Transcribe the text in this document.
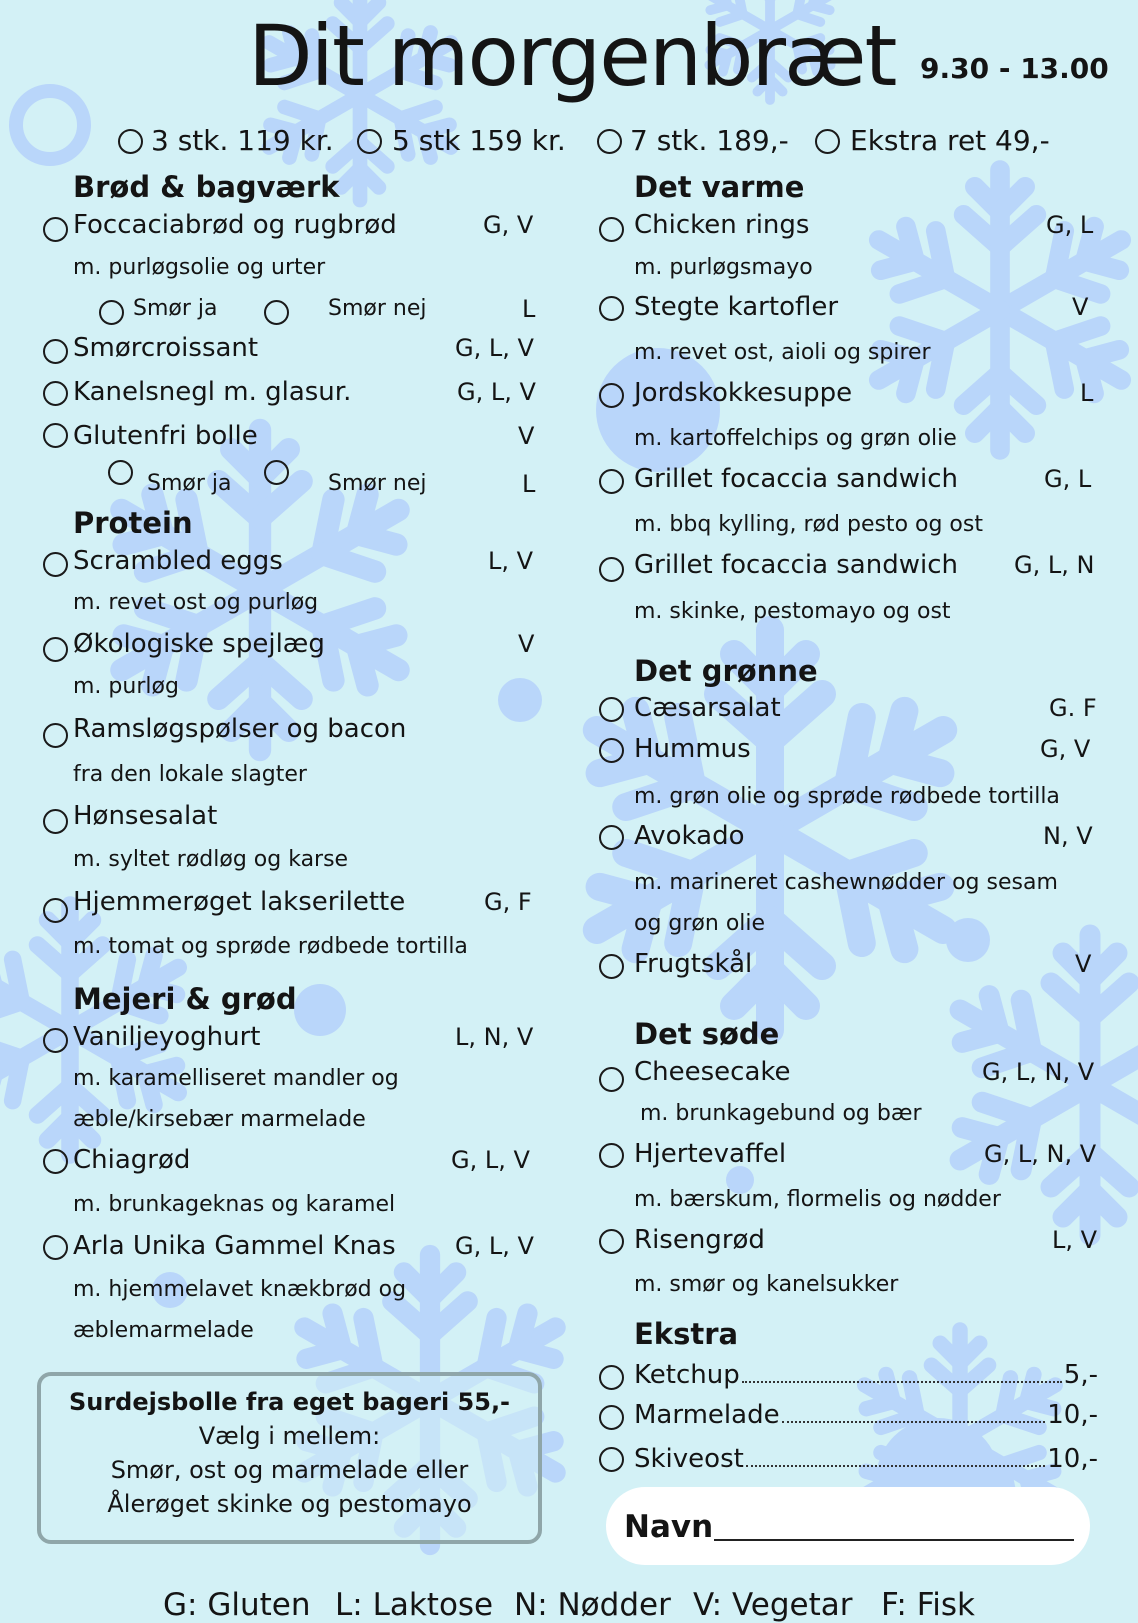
Dit morgenbræt 9.30 - 13.00
3 stk. 119 kr. 5 stk 159 kr. 7 stk. 189,- Ekstra ret 49,-
Brød & bagværk
Foccaciabrød og rugbrød	G, V
m. purløgsolie og urter
Smør ja	Smør nej	L
Smørcroissant	G, L, V
Kanelsnegl m. glasur.	G, L, V
Glutenfri bolle	V
Smør ja	Smør nej	L
Protein
Scrambled eggs	L, V
m. revet ost og purløg
Økologiske spejlæg	V
m. purløg
Ramsløgspølser og bacon
fra den lokale slagter
Hønsesalat
m. syltet rødløg og karse
Hjemmerøget lakserilette	G, F
m. tomat og sprøde rødbede tortilla
Mejeri & grød
Vaniljeyoghurt	L, N, V
m. karamelliseret mandler og
æble/kirsebær marmelade
Chiagrød	G, L, V
m. brunkageknas og karamel
Arla Unika Gammel Knas G, L, V
m. hjemmelavet knækbrød og
æblemarmelade
Surdejsbolle fra eget bageri 55,-
Vælg i mellem:
Smør, ost og marmelade eller
Ålerøget skinke og pestomayo
Det varme
Chicken rings	G, L
m. purløgsmayo
Stegte kartofler	V
m. revet ost, aioli og spirer
Jordskokkesuppe	L
m. kartoffelchips og grøn olie
Grillet focaccia sandwich	G, L
m. bbq kylling, rød pesto og ost
Grillet focaccia sandwich G, L, N
m. skinke, pestomayo og ost
Det grønne
Cæsarsalat	G. F
Hummus	G, V
m. grøn olie og sprøde rødbede tortilla
Avokado	N, V
m. marineret cashewnødder og sesam
og grøn olie
Frugtskål	V
Det søde
Cheesecake	G, L, N, V
m. brunkagebund og bær
Hjertevaffel	G, L, N, V
m. bærskum, flormelis og nødder
Risengrød	L, V
m. smør og kanelsukker
Ekstra
Ketchup	5,-
Marmelade	10,-
Skiveost	10,-
Navn
G: Gluten L: Laktose N: Nødder V: Vegetar F: Fisk
